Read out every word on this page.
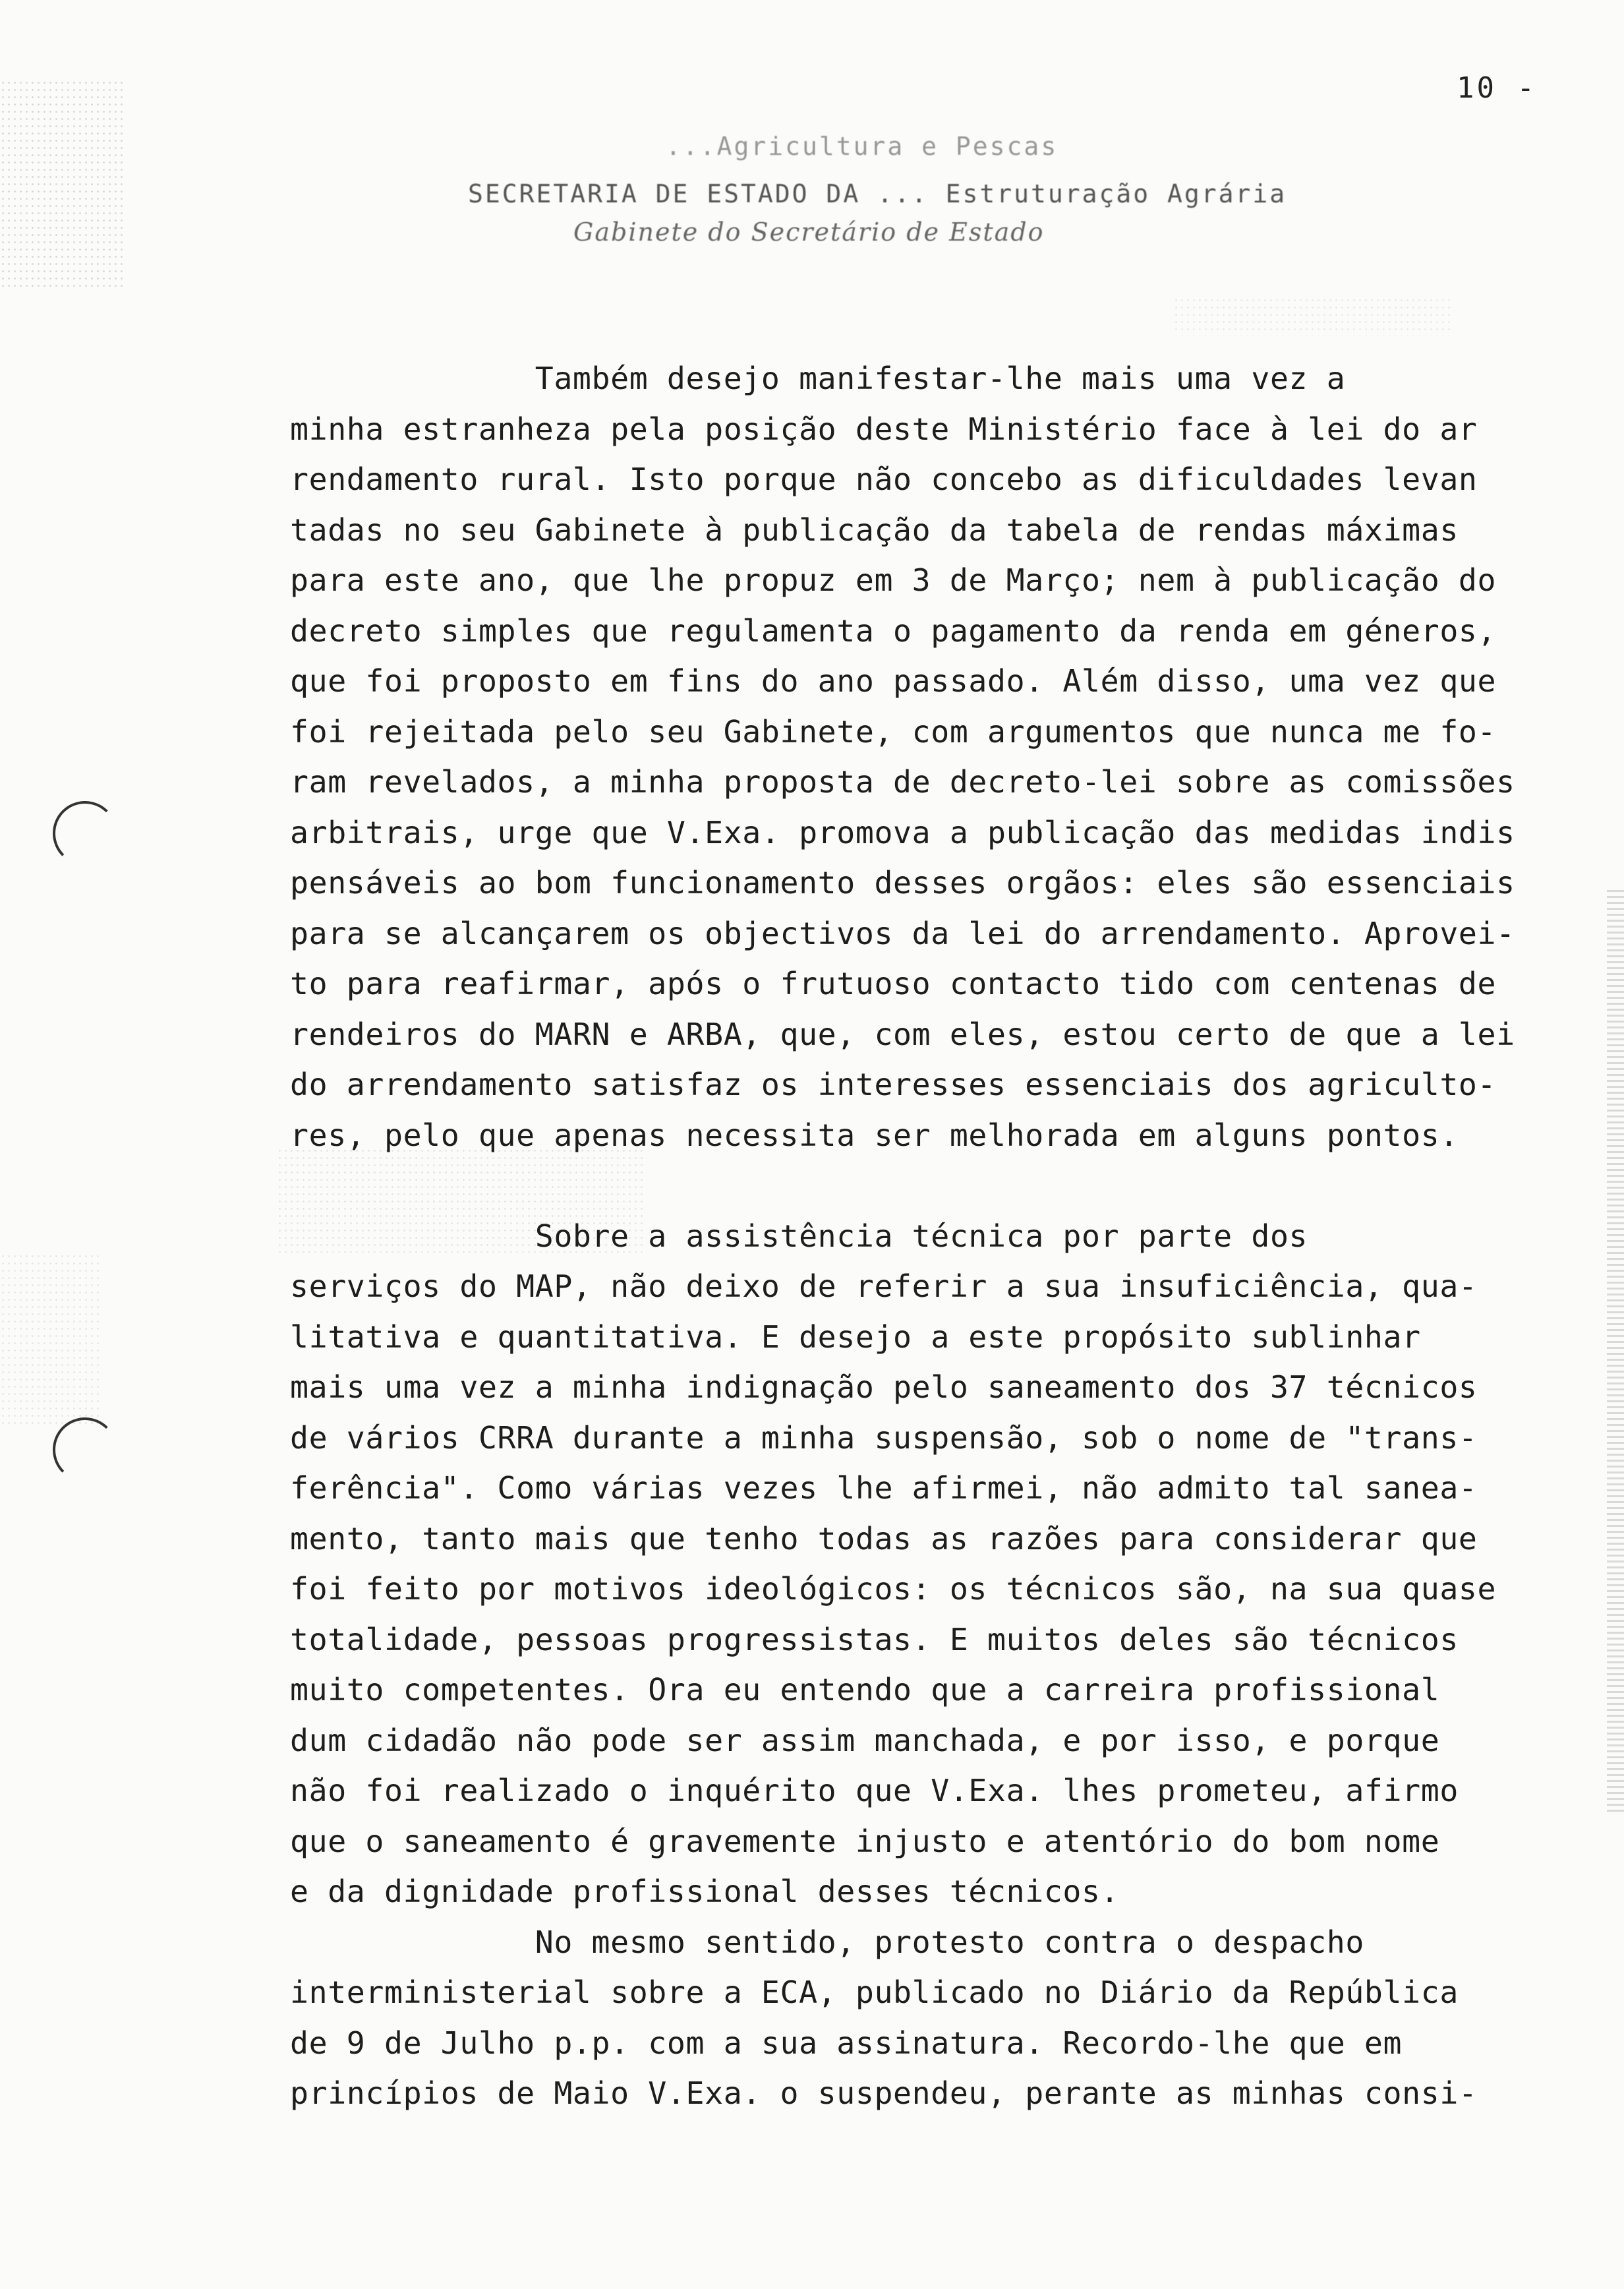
10 -
...Agricultura e Pescas
SECRETARIA DE ESTADO DA ... Estruturação Agrária
Gabinete do Secretário de Estado
Também desejo manifestar-lhe mais uma vez a
minha estranheza pela posição deste Ministério face à lei do ar
rendamento rural. Isto porque não concebo as dificuldades levan
tadas no seu Gabinete à publicação da tabela de rendas máximas
para este ano, que lhe propuz em 3 de Março; nem à publicação do
decreto simples que regulamenta o pagamento da renda em géneros,
que foi proposto em fins do ano passado. Além disso, uma vez que
foi rejeitada pelo seu Gabinete, com argumentos que nunca me fo-
ram revelados, a minha proposta de decreto-lei sobre as comissões
arbitrais, urge que V.Exa. promova a publicação das medidas indis
pensáveis ao bom funcionamento desses orgãos: eles são essenciais
para se alcançarem os objectivos da lei do arrendamento. Aprovei-
to para reafirmar, após o frutuoso contacto tido com centenas de
rendeiros do MARN e ARBA, que, com eles, estou certo de que a lei
do arrendamento satisfaz os interesses essenciais dos agriculto-
res, pelo que apenas necessita ser melhorada em alguns pontos.
Sobre a assistência técnica por parte dos
serviços do MAP, não deixo de referir a sua insuficiência, qua-
litativa e quantitativa. E desejo a este propósito sublinhar
mais uma vez a minha indignação pelo saneamento dos 37 técnicos
de vários CRRA durante a minha suspensão, sob o nome de "trans-
ferência". Como várias vezes lhe afirmei, não admito tal sanea-
mento, tanto mais que tenho todas as razões para considerar que
foi feito por motivos ideológicos: os técnicos são, na sua quase
totalidade, pessoas progressistas. E muitos deles são técnicos
muito competentes. Ora eu entendo que a carreira profissional
dum cidadão não pode ser assim manchada, e por isso, e porque
não foi realizado o inquérito que V.Exa. lhes prometeu, afirmo
que o saneamento é gravemente injusto e atentório do bom nome
e da dignidade profissional desses técnicos.
No mesmo sentido, protesto contra o despacho
interministerial sobre a ECA, publicado no Diário da República
de 9 de Julho p.p. com a sua assinatura. Recordo-lhe que em
princípios de Maio V.Exa. o suspendeu, perante as minhas consi-
